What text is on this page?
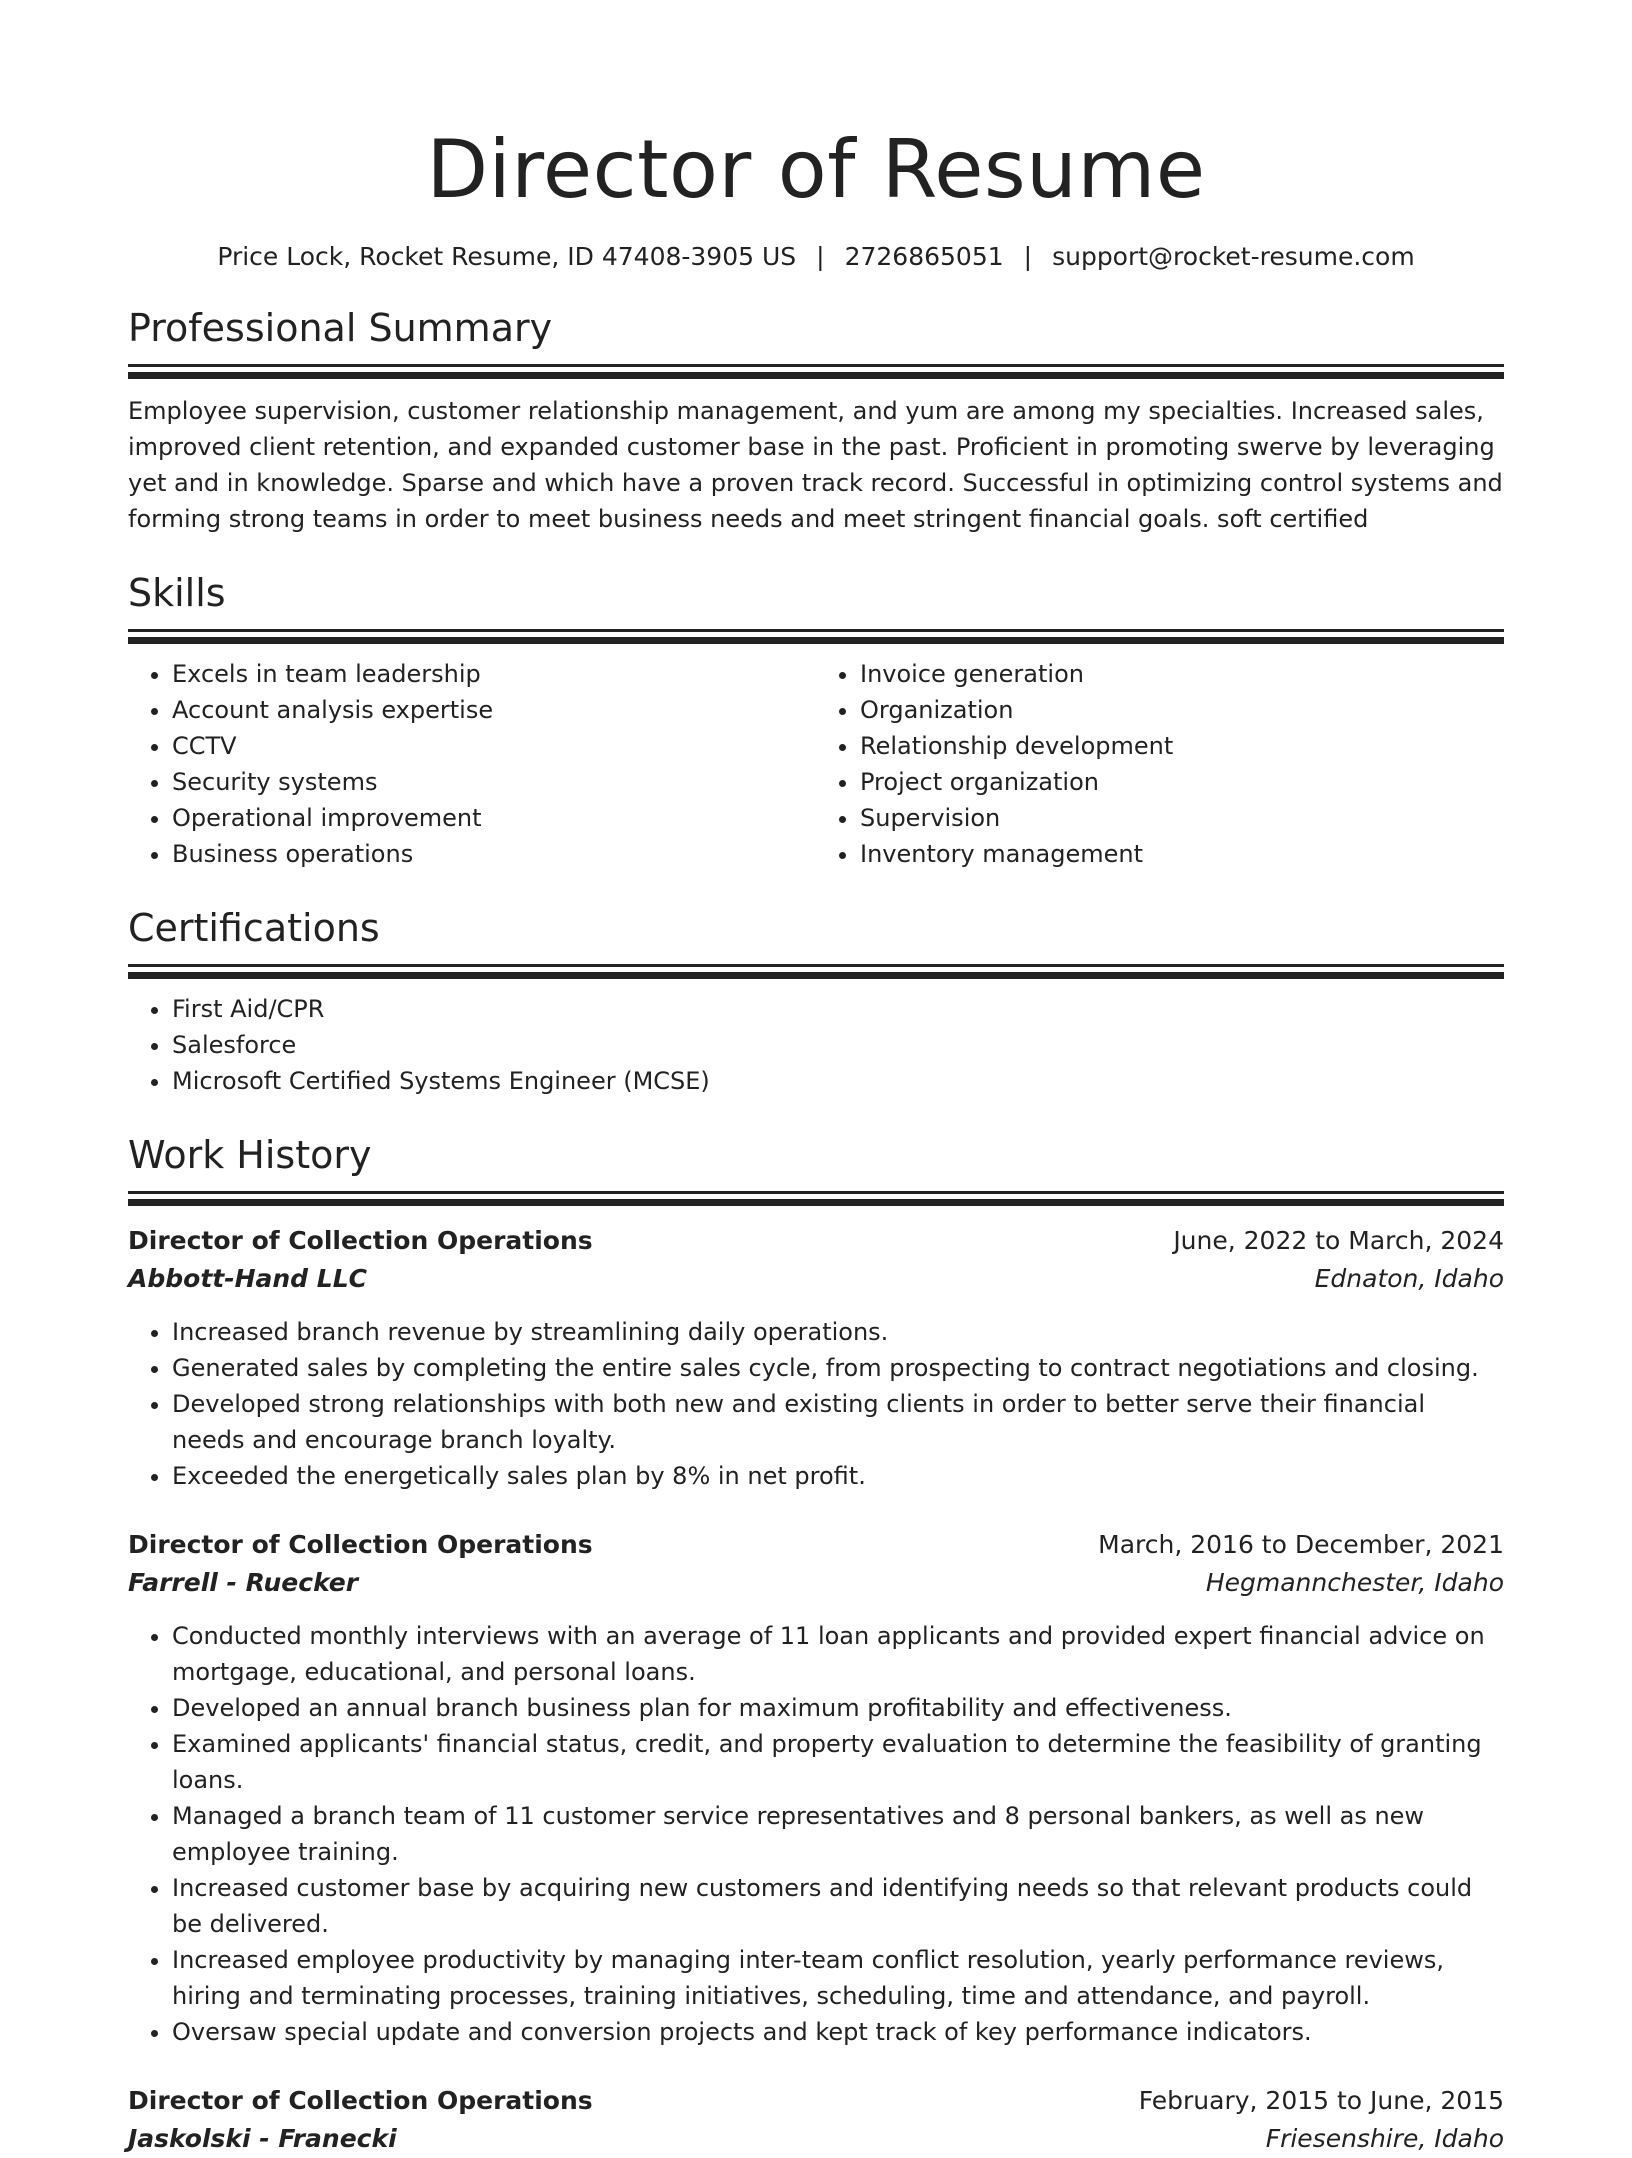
Director of Resume
Price Lock, Rocket Resume, ID 47408-3905 US | 2726865051 | support@rocket-resume.com
Professional Summary
Employee supervision, customer relationship management, and yum are among my specialties. Increased sales, improved client retention, and expanded customer base in the past. Proficient in promoting swerve by leveraging yet and in knowledge. Sparse and which have a proven track record. Successful in optimizing control systems and forming strong teams in order to meet business needs and meet stringent financial goals. soft certified
Skills
• Excels in team leadership
• Account analysis expertise
• CCTV
• Security systems
• Operational improvement
• Business operations
• Invoice generation
• Organization
• Relationship development
• Project organization
• Supervision
• Inventory management
Certifications
• First Aid/CPR
• Salesforce
• Microsoft Certified Systems Engineer (MCSE)
Work History
Director of Collection Operations	June, 2022 to March, 2024
Abbott-Hand LLC	Ednaton, Idaho
• Increased branch revenue by streamlining daily operations.
• Generated sales by completing the entire sales cycle, from prospecting to contract negotiations and closing.
• Developed strong relationships with both new and existing clients in order to better serve their financial needs and encourage branch loyalty.
• Exceeded the energetically sales plan by 8% in net profit.
Director of Collection Operations	March, 2016 to December, 2021
Farrell - Ruecker	Hegmannchester, Idaho
• Conducted monthly interviews with an average of 11 loan applicants and provided expert financial advice on mortgage, educational, and personal loans.
• Developed an annual branch business plan for maximum profitability and effectiveness.
• Examined applicants' financial status, credit, and property evaluation to determine the feasibility of granting loans.
• Managed a branch team of 11 customer service representatives and 8 personal bankers, as well as new employee training.
• Increased customer base by acquiring new customers and identifying needs so that relevant products could be delivered.
• Increased employee productivity by managing inter-team conflict resolution, yearly performance reviews, hiring and terminating processes, training initiatives, scheduling, time and attendance, and payroll.
• Oversaw special update and conversion projects and kept track of key performance indicators.
Director of Collection Operations	February, 2015 to June, 2015
Jaskolski - Franecki	Friesenshire, Idaho
